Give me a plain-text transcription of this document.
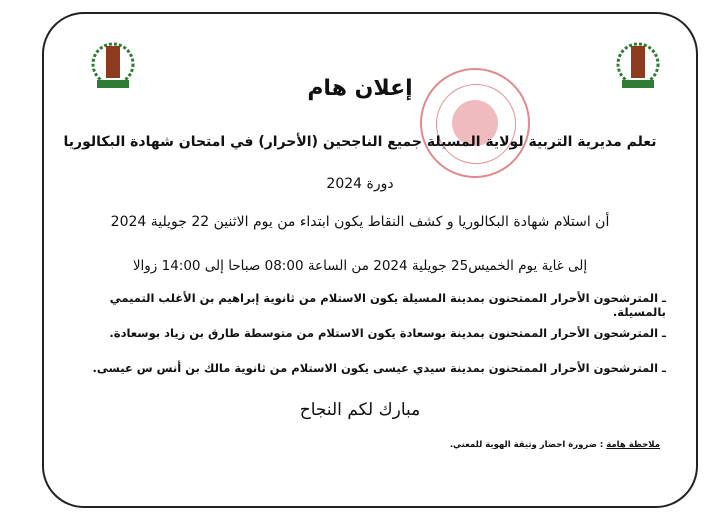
إعلان هام
تعلم مديرية التربية لولاية المسيلة جميع الناجحين (الأحرار) في امتحان شهادة البكالوريا
دورة 2024
أن استلام شهادة البكالوريا و كشف النقاط يكون ابتداء من يوم الاثنين 22 جويلية 2024
إلى غاية يوم الخميس25 جويلية 2024 من الساعة 08:00 صباحا إلى 14:00 زوالا
ـ المترشحون الأحرار الممتحنون بمدينة المسيلة يكون الاستلام من ثانوية إبراهيم بن الأغلب التميمي بالمسيلة.
ـ المترشحون الأحرار الممتحنون بمدينة بوسعادة يكون الاستلام من متوسطة طارق بن زياد بوسعادة.
ـ المترشحون الأحرار الممتحنون بمدينة سيدي عيسى يكون الاستلام من ثانوية مالك بن أنس س عيسى.
مبارك لكم النجاح
ملاحظة هامة : ضرورة احضار وثيقة الهوية للمعني.
